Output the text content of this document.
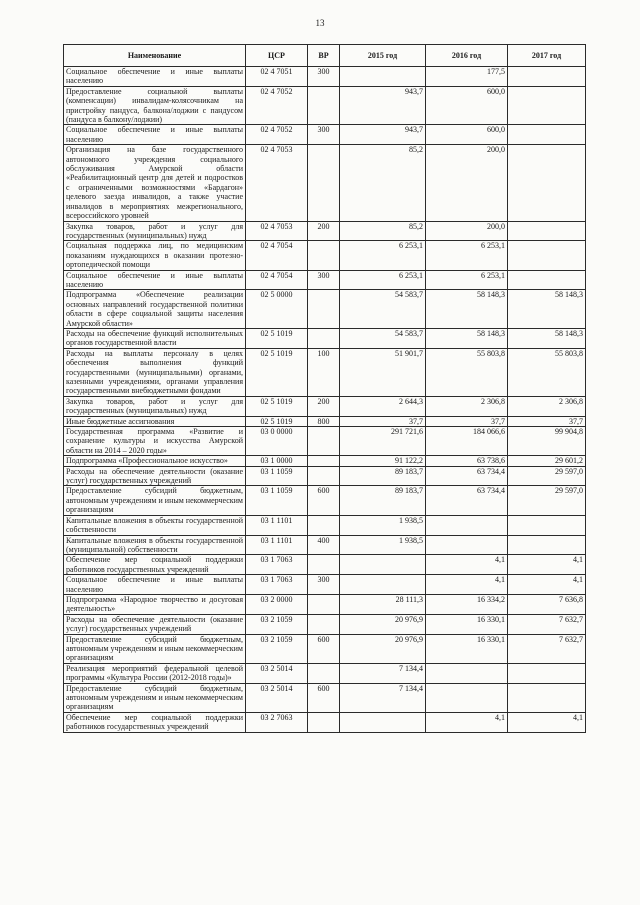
13
Наименование	ЦСР	ВР	2015 год	2016 год	2017 год
Социальное обеспечение и иные выплаты населению	02 4 7051	300		177,5	
Предоставление социальной выплаты (компенсации) инвалидам-колясочникам на пристройку пандуса, балкона/лоджии с пандусом (пандуса в балкону/лоджии)	02 4 7052		943,7	600,0	
Социальное обеспечение и иные выплаты населению	02 4 7052	300	943,7	600,0	
Организация на базе государственного автономного учреждения социального обслуживания Амурской области «Реабилитационный центр для детей и подростков с ограниченными возможностями «Бардагон» целевого заезда инвалидов, а также участие инвалидов в мероприятиях межрегионального, всероссийского уровней	02 4 7053		85,2	200,0	
Закупка товаров, работ и услуг для государственных (муниципальных) нужд	02 4 7053	200	85,2	200,0	
Социальная поддержка лиц, по медицинским показаниям нуждающихся в оказании протезно-ортопедической помощи	02 4 7054		6 253,1	6 253,1	
Социальное обеспечение и иные выплаты населению	02 4 7054	300	6 253,1	6 253,1	
Подпрограмма «Обеспечение реализации основных направлений государственной политики области в сфере социальной защиты населения Амурской области»	02 5 0000		54 583,7	58 148,3	58 148,3
Расходы на обеспечение функций исполнительных органов государственной власти	02 5 1019		54 583,7	58 148,3	58 148,3
Расходы на выплаты персоналу в целях обеспечения выполнения функций государственными (муниципальными) органами, казенными учреждениями, органами управления государственными внебюджетными фондами	02 5 1019	100	51 901,7	55 803,8	55 803,8
Закупка товаров, работ и услуг для государственных (муниципальных) нужд	02 5 1019	200	2 644,3	2 306,8	2 306,8
Иные бюджетные ассигнования	02 5 1019	800	37,7	37,7	37,7
Государственная программа «Развитие и сохранение культуры и искусства Амурской области на 2014 – 2020 годы»	03 0 0000		291 721,6	184 066,6	99 904,8
Подпрограмма «Профессиональное искусство»	03 1 0000		91 122,2	63 738,6	29 601,2
Расходы на обеспечение деятельности (оказание услуг) государственных учреждений	03 1 1059		89 183,7	63 734,4	29 597,0
Предоставление субсидий бюджетным, автономным учреждениям и иным некоммерческим организациям	03 1 1059	600	89 183,7	63 734,4	29 597,0
Капитальные вложения в объекты государственной собственности	03 1 1101		1 938,5		
Капитальные вложения в объекты государственной (муниципальной) собственности	03 1 1101	400	1 938,5		
Обеспечение мер социальной поддержки работников государственных учреждений	03 1 7063			4,1	4,1
Социальное обеспечение и иные выплаты населению	03 1 7063	300		4,1	4,1
Подпрограмма «Народное творчество и досуговая деятельность»	03 2 0000		28 111,3	16 334,2	7 636,8
Расходы на обеспечение деятельности (оказание услуг) государственных учреждений	03 2 1059		20 976,9	16 330,1	7 632,7
Предоставление субсидий бюджетным, автономным учреждениям и иным некоммерческим организациям	03 2 1059	600	20 976,9	16 330,1	7 632,7
Реализация мероприятий федеральной целевой программы «Культура России (2012-2018 годы)»	03 2 5014		7 134,4		
Предоставление субсидий бюджетным, автономным учреждениям и иным некоммерческим организациям	03 2 5014	600	7 134,4		
Обеспечение мер социальной поддержки работников государственных учреждений	03 2 7063			4,1	4,1
